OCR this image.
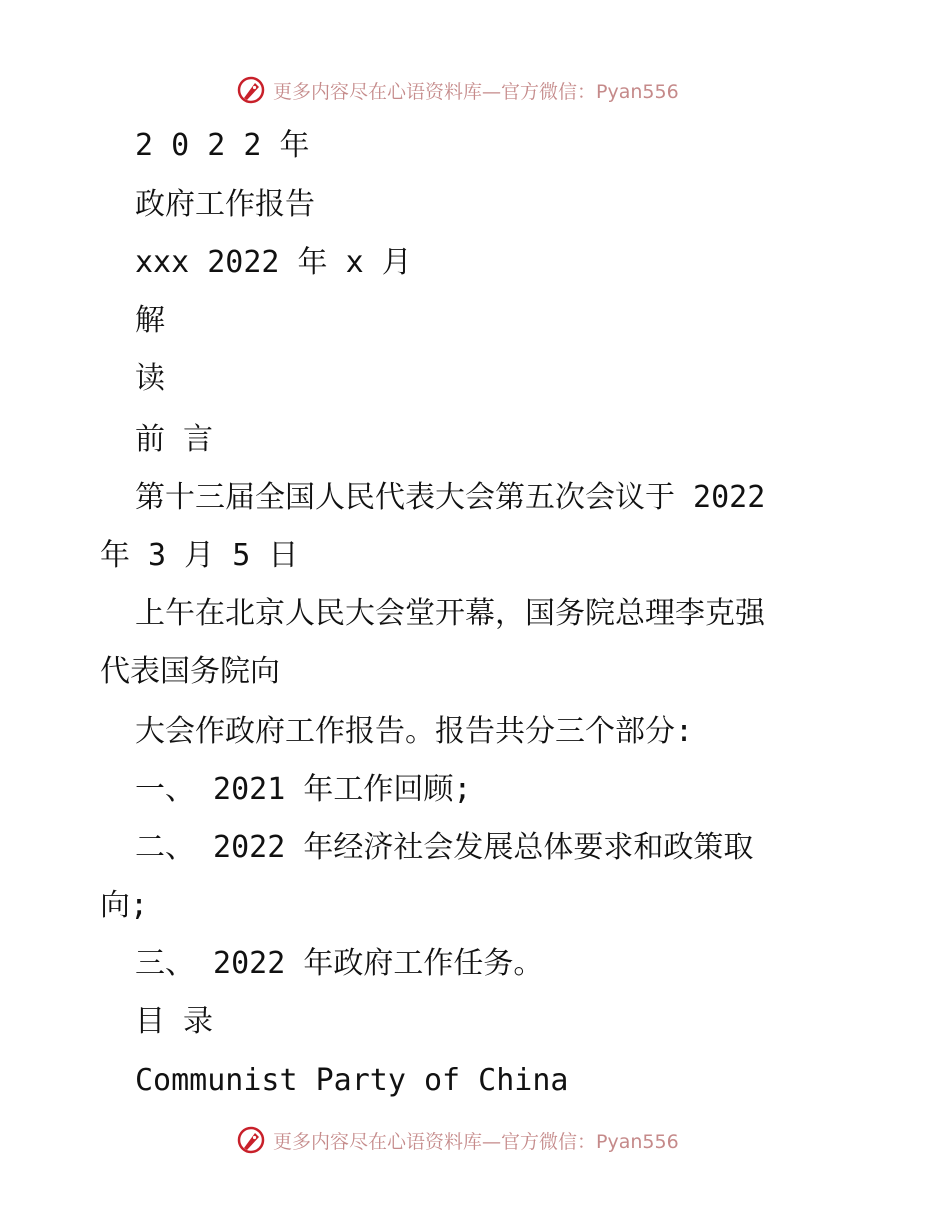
更多内容尽在心语资料库—官方微信：Pyan556
2 0 2 2 年
政府工作报告
xxx 2022 年 x 月
解
读
前 言
第十三届全国人民代表大会第五次会议于 2022
年 3 月 5 日
上午在北京人民大会堂开幕，国务院总理李克强
代表国务院向
大会作政府工作报告。报告共分三个部分:
一、 2021 年工作回顾;
二、 2022 年经济社会发展总体要求和政策取
向;
三、 2022 年政府工作任务。
目 录
Communist Party of China
更多内容尽在心语资料库—官方微信：Pyan556
